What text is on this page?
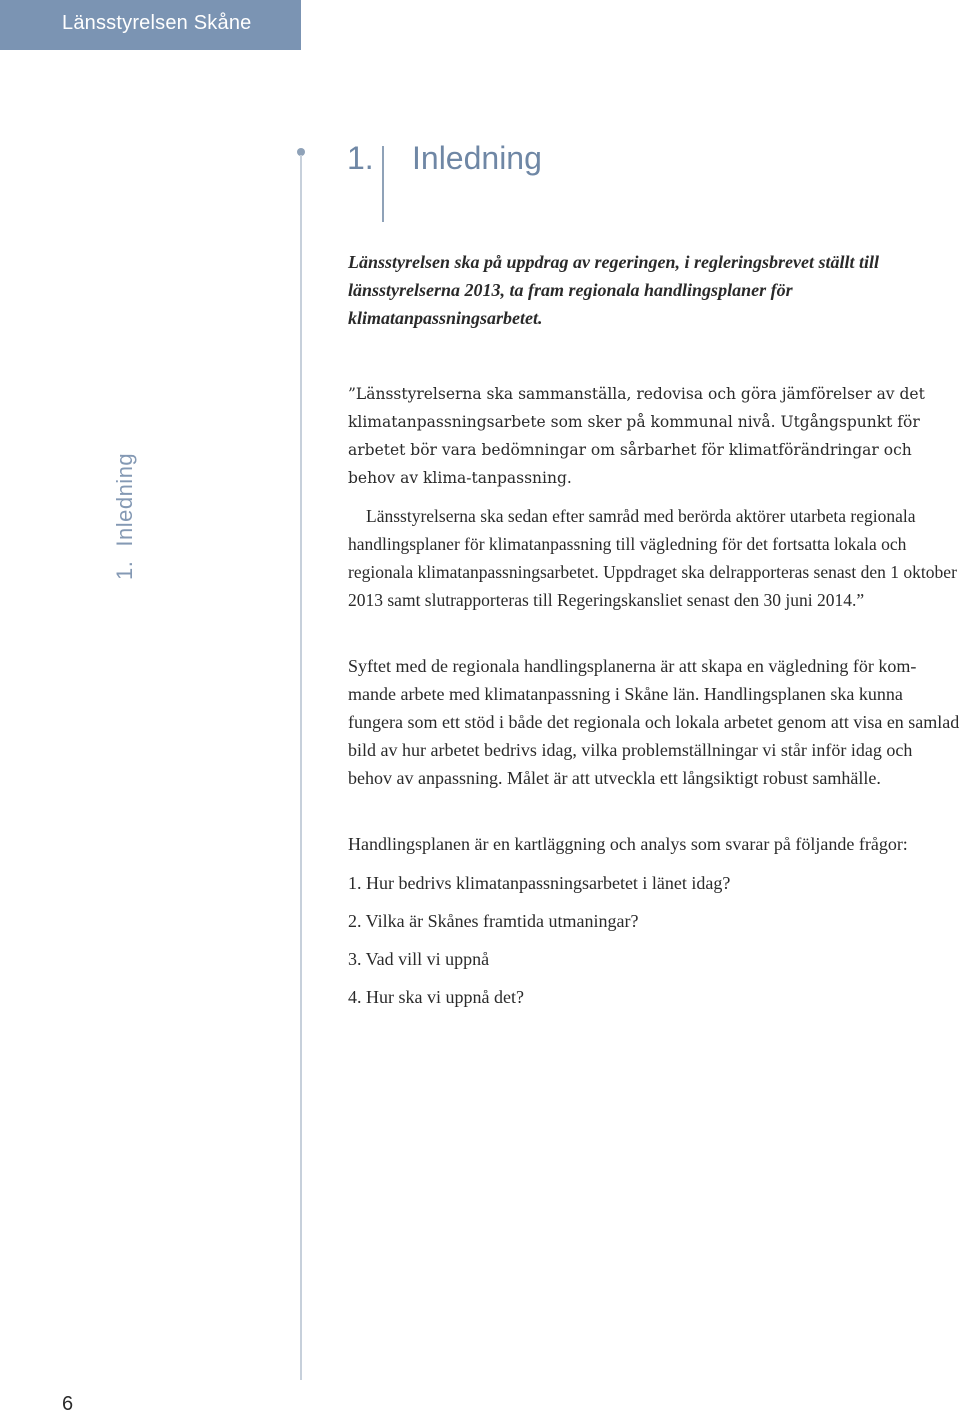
Länsstyrelsen Skåne
1. Inledning
1.Inledning

Länsstyrelsen ska på uppdrag av regeringen, i regleringsbrevet ställt till länsstyrelserna 2013, ta fram regionala handlingsplaner för klimatanpassningsarbetet.

”Länsstyrelserna ska sammanställa, redovisa och göra jämförelser av det klimatanpassningsarbete som sker på kommunal nivå. Utgångspunkt för arbetet bör vara bedömningar om sårbarhet för klimatförändringar och behov av klima-tanpassning.

Länsstyrelserna ska sedan efter samråd med berörda aktörer utarbeta regionala handlingsplaner för klimatanpassning till vägledning för det fortsatta lokala och regionala klimatanpassningsarbetet. Uppdraget ska delrapporteras senast den 1 oktober 2013 samt slutrapporteras till Regeringskansliet senast den 30 juni 2014.”

Syftet med de regionala handlingsplanerna är att skapa en vägledning för kom-mande arbete med klimatanpassning i Skåne län. Handlingsplanen ska kunna fungera som ett stöd i både det regionala och lokala arbetet genom att visa en samlad bild av hur arbetet bedrivs idag, vilka problemställningar vi står inför idag och behov av anpassning. Målet är att utveckla ett långsiktigt robust samhälle.

Handlingsplanen är en kartläggning och analys som svarar på följande frågor:

1. Hur bedrivs klimatanpassningsarbetet i länet idag?
2. Vilka är Skånes framtida utmaningar?
3. Vad vill vi uppnå
4. Hur ska vi uppnå det?
6
